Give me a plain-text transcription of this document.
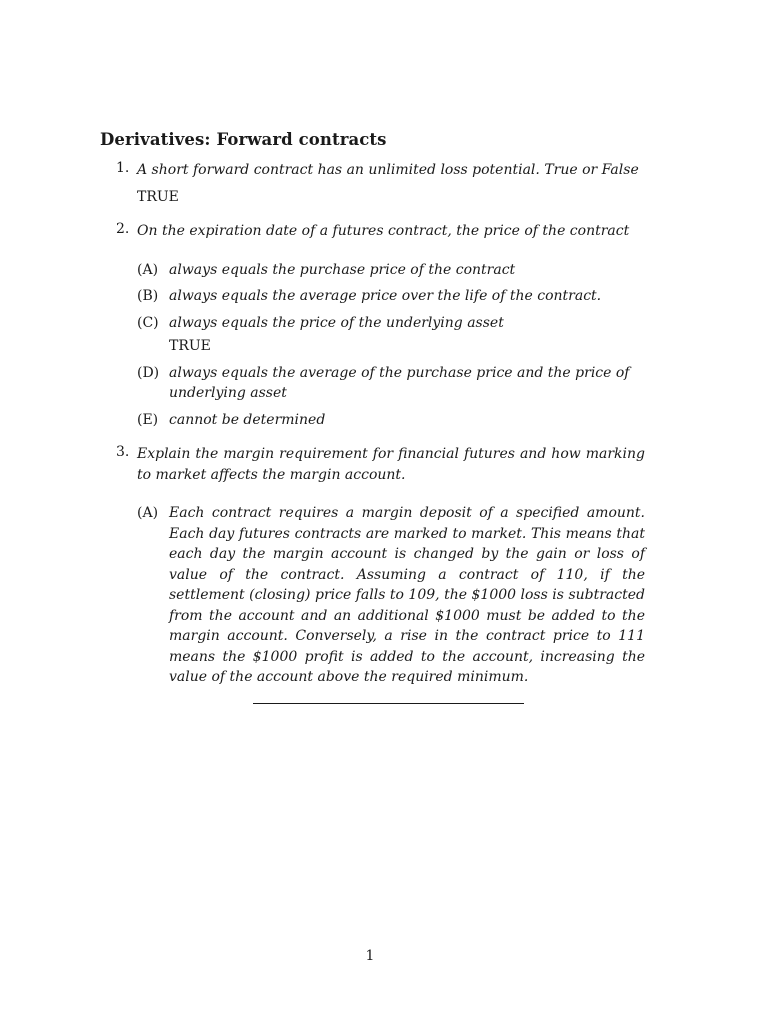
Derivatives: Forward contracts
1. A short forward contract has an unlimited loss potential. True or False
TRUE
2. On the expiration date of a futures contract, the price of the contract
(A) always equals the purchase price of the contract
(B) always equals the average price over the life of the contract.
(C) always equals the price of the underlying asset
TRUE
(D) always equals the average of the purchase price and the price of underlying asset
(E) cannot be determined
3. Explain the margin requirement for financial futures and how marking to market affects the margin account.
(A) Each contract requires a margin deposit of a specified amount. Each day futures contracts are marked to market. This means that each day the margin account is changed by the gain or loss of value of the contract. Assuming a contract of 110, if the settlement (closing) price falls to 109, the $1000 loss is subtracted from the account and an additional $1000 must be added to the margin account. Conversely, a rise in the contract price to 111 means the $1000 profit is added to the account, increasing the value of the account above the required minimum.
1
